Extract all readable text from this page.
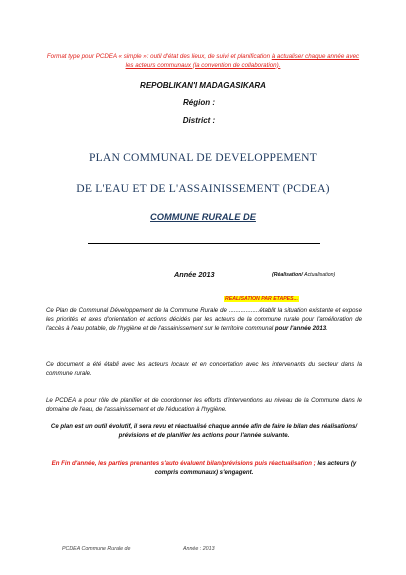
Format type pour PCDEA « simple »: outil d'état des lieux, de suivi et planification à actualiser chaque année avec les acteurs communaux (la convention de collaboration).
REPOBLIKAN'I MADAGASIKARA
Région :
District :
PLAN COMMUNAL DE DEVELOPPEMENT
DE L'EAU ET DE L'ASSAINISSEMENT (PCDEA)
COMMUNE RURALE DE
Année 2013	(Réalisation/ Actualisation)
REALISATION PAR ETAPES...
Ce Plan de Communal Développement de la Commune Rurale de ..................établit la situation existante et expose les priorités et axes d'orientation et actions décidés par les acteurs de la commune rurale pour l'amélioration de l'accès à l'eau potable, de l'hygiène et de l'assainissement sur le territoire communal pour l'année 2013.
Ce document a été établi avec les acteurs locaux et en concertation avec les intervenants du secteur dans la commune rurale.
Le PCDEA a pour rôle de planifier et de coordonner les efforts d'interventions au niveau de la Commune dans le domaine de l'eau, de l'assainissement et de l'éducation à l'hygiène.
Ce plan est un outil évolutif, il sera revu et réactualisé chaque année afin de faire le bilan des réalisations/ prévisions et de planifier les actions pour l'année suivante.
En Fin d'année, les parties prenantes s'auto évaluent bilan/prévisions puis réactualisation ; les acteurs (y compris communaux) s'engagent.
PCDEA Commune Rurale de	Année : 2013
